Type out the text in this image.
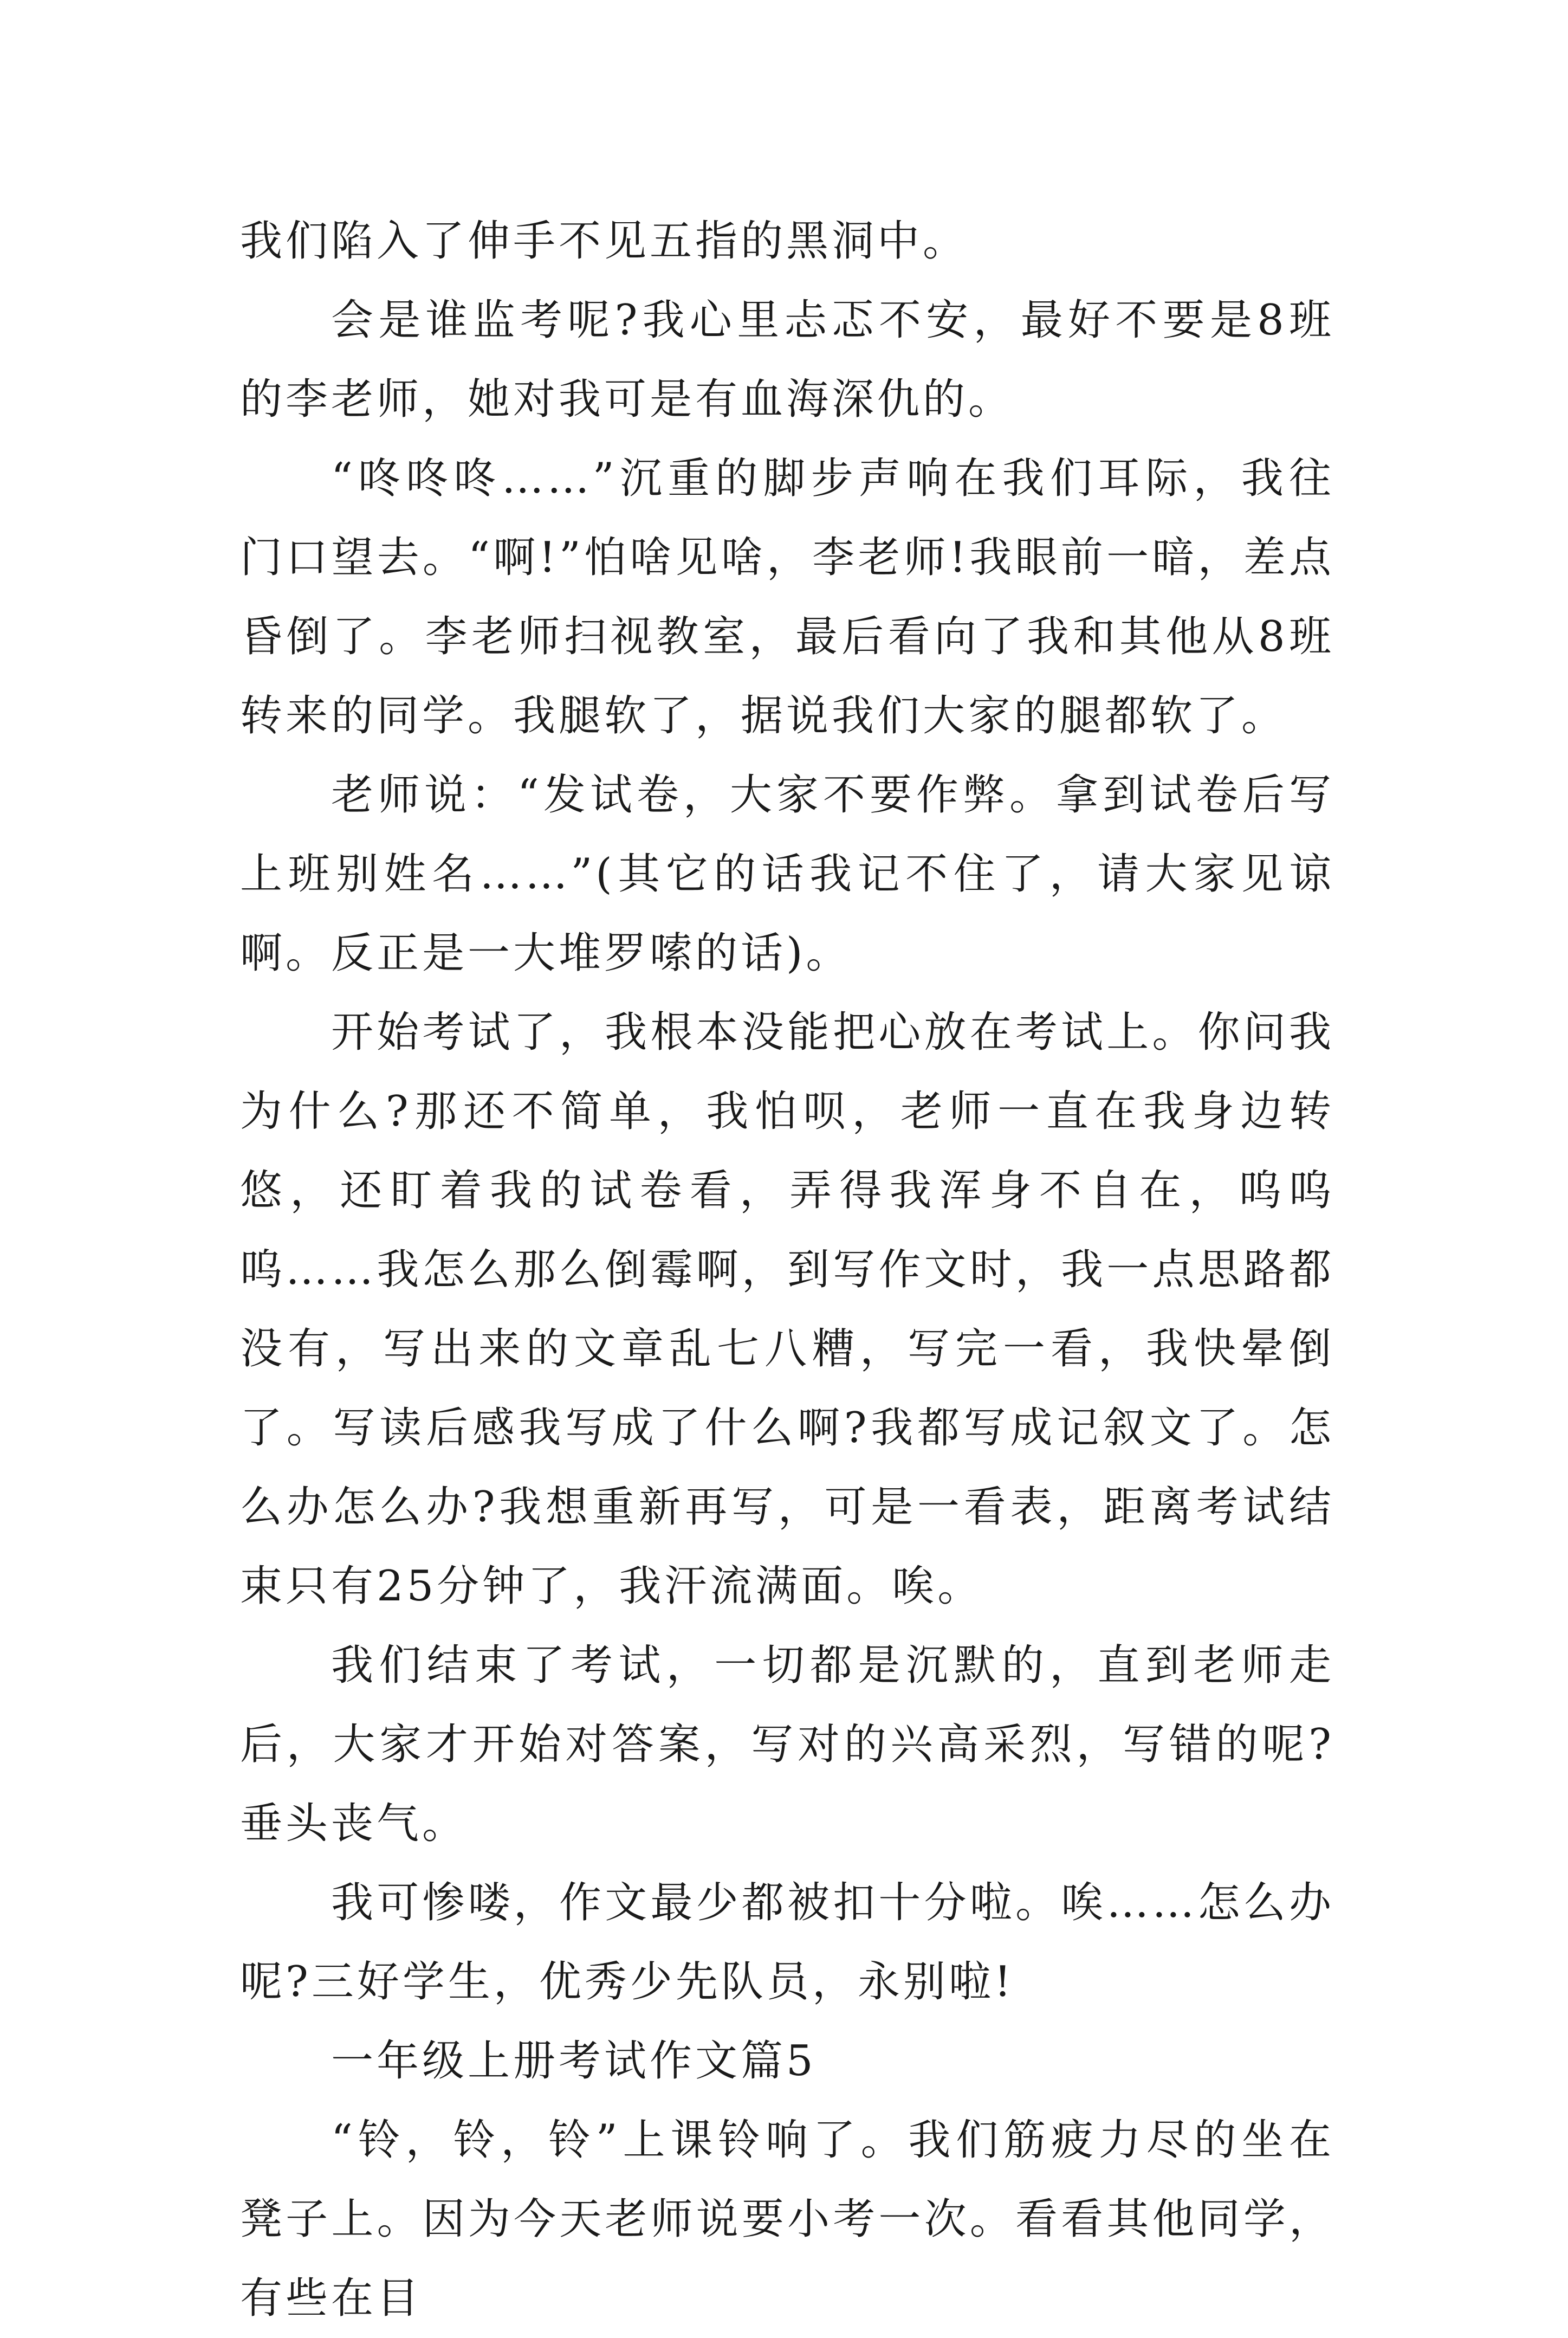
我们陷入了伸手不见五指的黑洞中。

会是谁监考呢?我心里忐忑不安，最好不要是8班的李老师，她对我可是有血海深仇的。

“咚咚咚……”沉重的脚步声响在我们耳际，我往门口望去。“啊!”怕啥见啥，李老师!我眼前一暗，差点昏倒了。李老师扫视教室，最后看向了我和其他从8班转来的同学。我腿软了，据说我们大家的腿都软了。

老师说：“发试卷，大家不要作弊。拿到试卷后写上班别姓名……”(其它的话我记不住了，请大家见谅啊。反正是一大堆罗嗦的话)。

开始考试了，我根本没能把心放在考试上。你问我为什么?那还不简单，我怕呗，老师一直在我身边转悠，还盯着我的试卷看，弄得我浑身不自在，呜呜呜……我怎么那么倒霉啊，到写作文时，我一点思路都没有，写出来的文章乱七八糟，写完一看，我快晕倒了。写读后感我写成了什么啊?我都写成记叙文了。怎么办怎么办?我想重新再写，可是一看表，距离考试结束只有25分钟了，我汗流满面。唉。

我们结束了考试，一切都是沉默的，直到老师走后，大家才开始对答案，写对的兴高采烈，写错的呢?垂头丧气。

我可惨喽，作文最少都被扣十分啦。唉……怎么办呢?三好学生，优秀少先队员，永别啦!

一年级上册考试作文篇5

“铃，铃，铃”上课铃响了。我们筋疲力尽的坐在凳子上。因为今天老师说要小考一次。看看其他同学，有些在目
